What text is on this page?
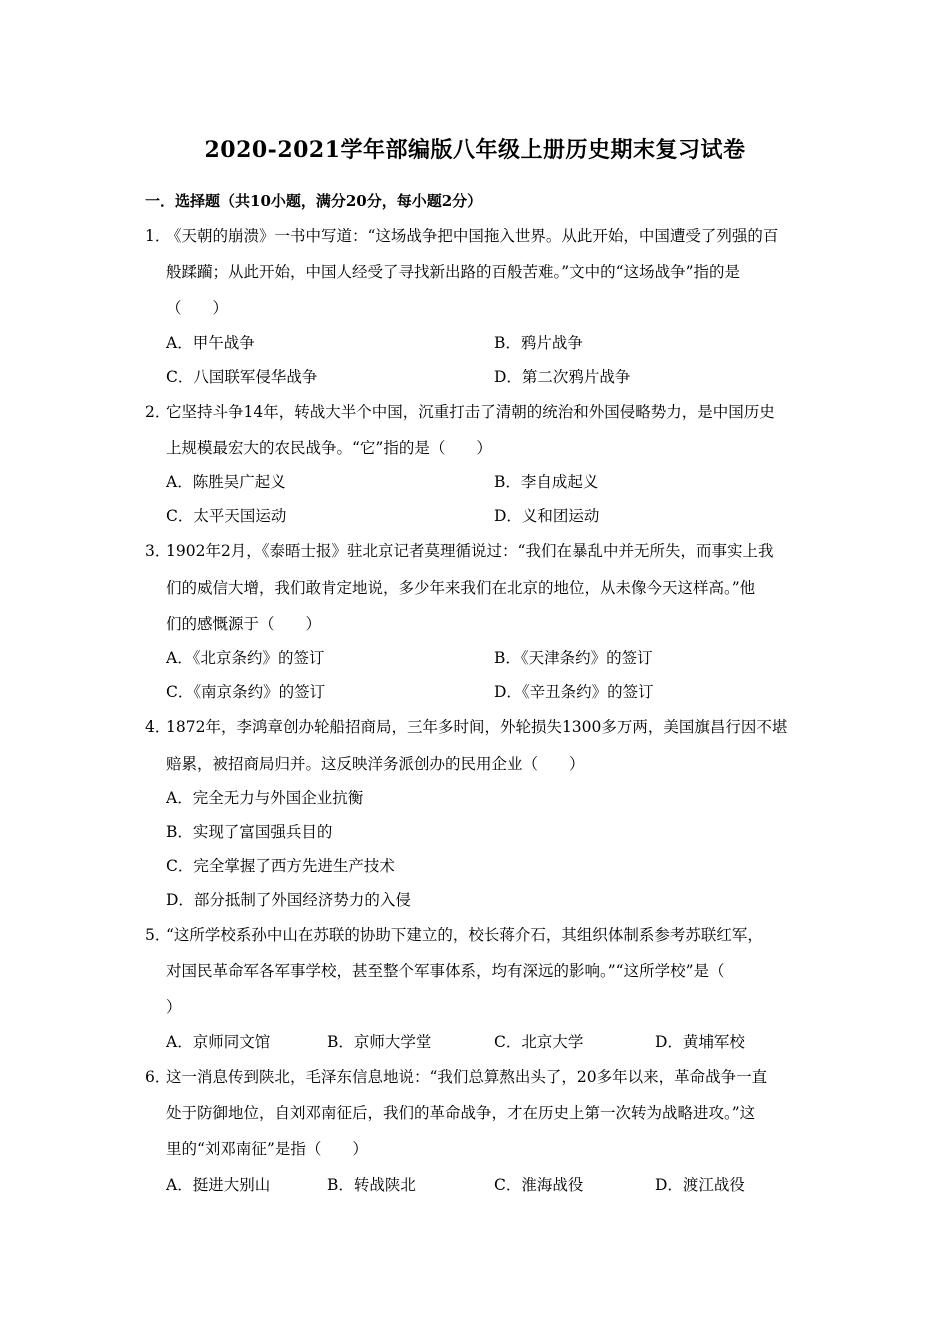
2020-2021学年部编版八年级上册历史期末复习试卷
一．选择题（共10小题，满分20分，每小题2分）
1．
《天朝的崩溃》一书中写道：“这场战争把中国拖入世界。从此开始，中国遭受了列强的百
般蹂躏；从此开始，中国人经受了寻找新出路的百般苦难。”文中的“这场战争”指的是
（　　）
A．甲午战争	B．鸦片战争
C．八国联军侵华战争	D．第二次鸦片战争
2．
它坚持斗争14年，转战大半个中国，沉重打击了清朝的统治和外国侵略势力，是中国历史
上规模最宏大的农民战争。“它”指的是（　　）
A．陈胜吴广起义	B．李自成起义
C．太平天国运动	D．义和团运动
3．
1902年2月，《泰晤士报》驻北京记者莫理循说过：“我们在暴乱中并无所失，而事实上我
们的威信大增，我们敢肯定地说，多少年来我们在北京的地位，从未像今天这样高。”他
们的感慨源于（　　）
A．《北京条约》的签订	B．《天津条约》的签订
C．《南京条约》的签订	D．《辛丑条约》的签订
4．
1872年，李鸿章创办轮船招商局，三年多时间，外轮损失1300多万两，美国旗昌行因不堪
赔累，被招商局归并。这反映洋务派创办的民用企业（　　）
A．完全无力与外国企业抗衡
B．实现了富国强兵目的
C．完全掌握了西方先进生产技术
D．部分抵制了外国经济势力的入侵
5．
“这所学校系孙中山在苏联的协助下建立的，校长蒋介石，其组织体制系参考苏联红军，
对国民革命军各军事学校，甚至整个军事体系，均有深远的影响。”“这所学校”是（
）
A．京师同文馆	B．京师大学堂	C．北京大学	D．黄埔军校
6．
这一消息传到陕北，毛泽东信息地说：“我们总算熬出头了，20多年以来，革命战争一直
处于防御地位，自刘邓南征后，我们的革命战争，才在历史上第一次转为战略进攻。”这
里的“刘邓南征”是指（　　）
A．挺进大别山	B．转战陕北	C．淮海战役	D．渡江战役
